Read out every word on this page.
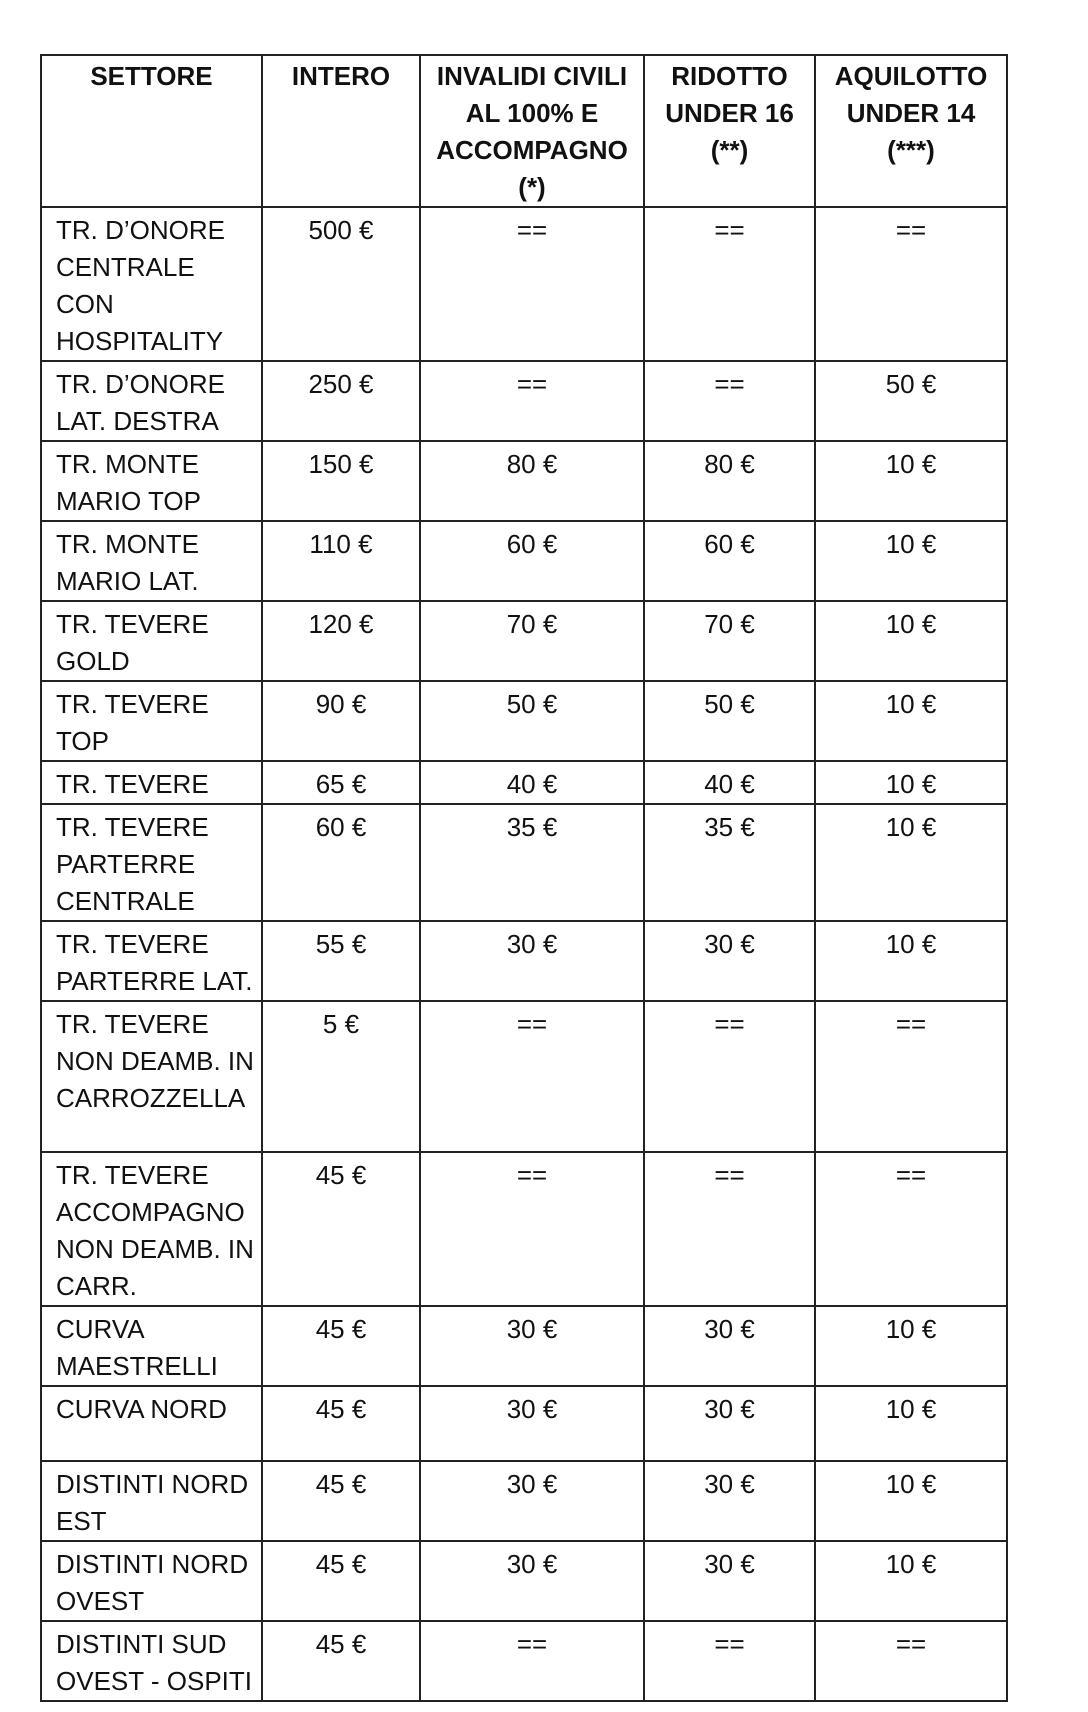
SETTORE	INTERO	INVALIDI CIVILI AL 100% E ACCOMPAGNO (*)	RIDOTTO UNDER 16 (**)	AQUILOTTO UNDER 14 (***)
TR. D’ONORE CENTRALE CON HOSPITALITY	500 €	==	==	==
TR. D’ONORE LAT. DESTRA	250 €	==	==	50 €
TR. MONTE MARIO TOP	150 €	80 €	80 €	10 €
TR. MONTE MARIO LAT.	110 €	60 €	60 €	10 €
TR. TEVERE GOLD	120 €	70 €	70 €	10 €
TR. TEVERE TOP	90 €	50 €	50 €	10 €
TR. TEVERE	65 €	40 €	40 €	10 €
TR. TEVERE PARTERRE CENTRALE	60 €	35 €	35 €	10 €
TR. TEVERE PARTERRE LAT.	55 €	30 €	30 €	10 €
TR. TEVERE NON DEAMB. IN CARROZZELLA	5 €	==	==	==
TR. TEVERE ACCOMPAGNO NON DEAMB. IN CARR.	45 €	==	==	==
CURVA MAESTRELLI	45 €	30 €	30 €	10 €
CURVA NORD	45 €	30 €	30 €	10 €
DISTINTI NORD EST	45 €	30 €	30 €	10 €
DISTINTI NORD OVEST	45 €	30 €	30 €	10 €
DISTINTI SUD OVEST - OSPITI	45 €	==	==	==
